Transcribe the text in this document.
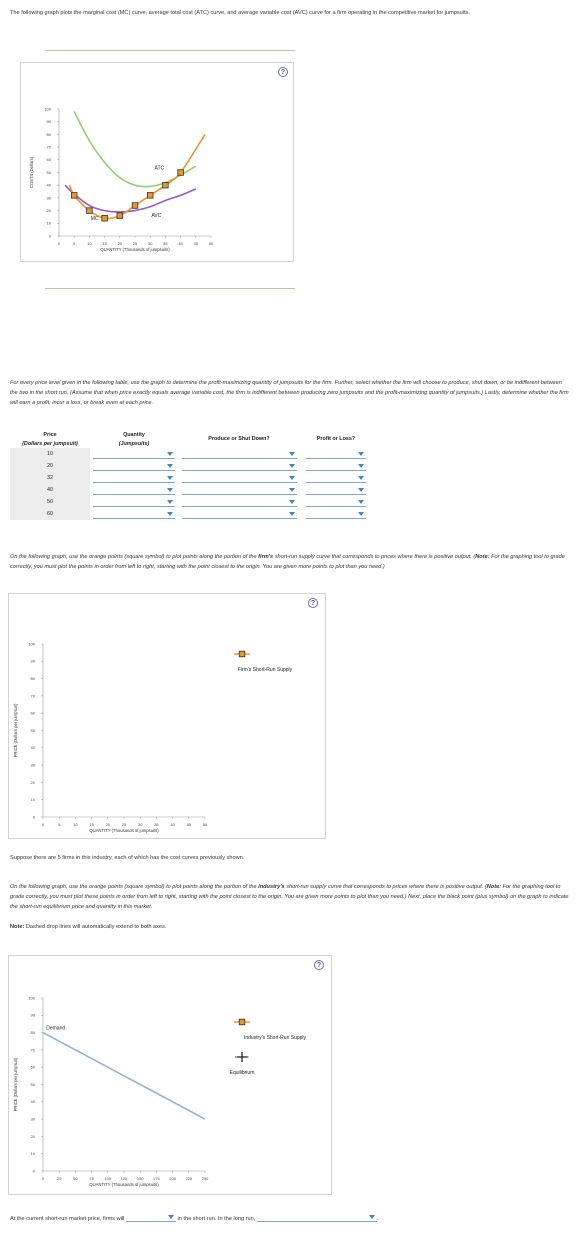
The following graph plots the marginal cost (MC) curve, average total cost (ATC) curve, and average variable cost (AVC) curve for a firm operating in the competitive market for jumpsuits.

?
0
10
20
30
40
50
60
70
80
90
100
0	5	10	15	20	25	30	35	40	45	50
QUANTITY (Thousands of jumpsuits)
COSTS (Dollars)
MC
ATC
AVC

For every price level given in the following table, use the graph to determine the profit-maximizing quantity of jumpsuits for the firm. Further, select whether the firm will choose to produce, shut down, or be indifferent between the two in the short run. (Assume that when price exactly equals average variable cost, the firm is indifferent between producing zero jumpsuits and the profit-maximizing quantity of jumpsuits.) Lastly, determine whether the firm will earn a profit, incur a loss, or break even at each price.

Price	Quantity	Produce or Shut Down?	Profit or Loss?
(Dollars per jumpsuit)	(Jumpsuits)		
10	

20	

32	

40	

50	

60	

On the following graph, use the orange points (square symbol) to plot points along the portion of the firm's short-run supply curve that corresponds to prices where there is positive output. (Note: For the graphing tool to grade correctly, you must plot the points in order from left to right, starting with the point closest to the origin. You are given more points to plot than you need.)

?
0
10
20
30
40
50
60
70
80
90
100
0	5	10	15	20	25	30	35	40	45	50
QUANTITY (Thousands of jumpsuits)
PRICE (Dollars per jumpsuit)
Firm's Short-Run Supply

Suppose there are 5 firms in this industry, each of which has the cost curves previously shown.

On the following graph, use the orange points (square symbol) to plot points along the portion of the industry's short-run supply curve that corresponds to prices where there is positive output. (Note: For the graphing tool to grade correctly, you must plot these points in order from left to right, starting with the point closest to the origin. You are given more points to plot than you need.) Next, place the black point (plus symbol) on the graph to indicate the short-run equilibrium price and quantity in this market.

Note: Dashed drop lines will automatically extend to both axes.

?
0
10
20
30
40
50
60
70
80
90
100
0	25	50	75	100 125 150 175 200 225 250
QUANTITY (Thousands of jumpsuits)
PRICE (Dollars per jumpsuit)
Demand
Industry's Short-Run Supply
Equilibrium
At the current short-run market price, firms will	in the short run. In the long run,	.
